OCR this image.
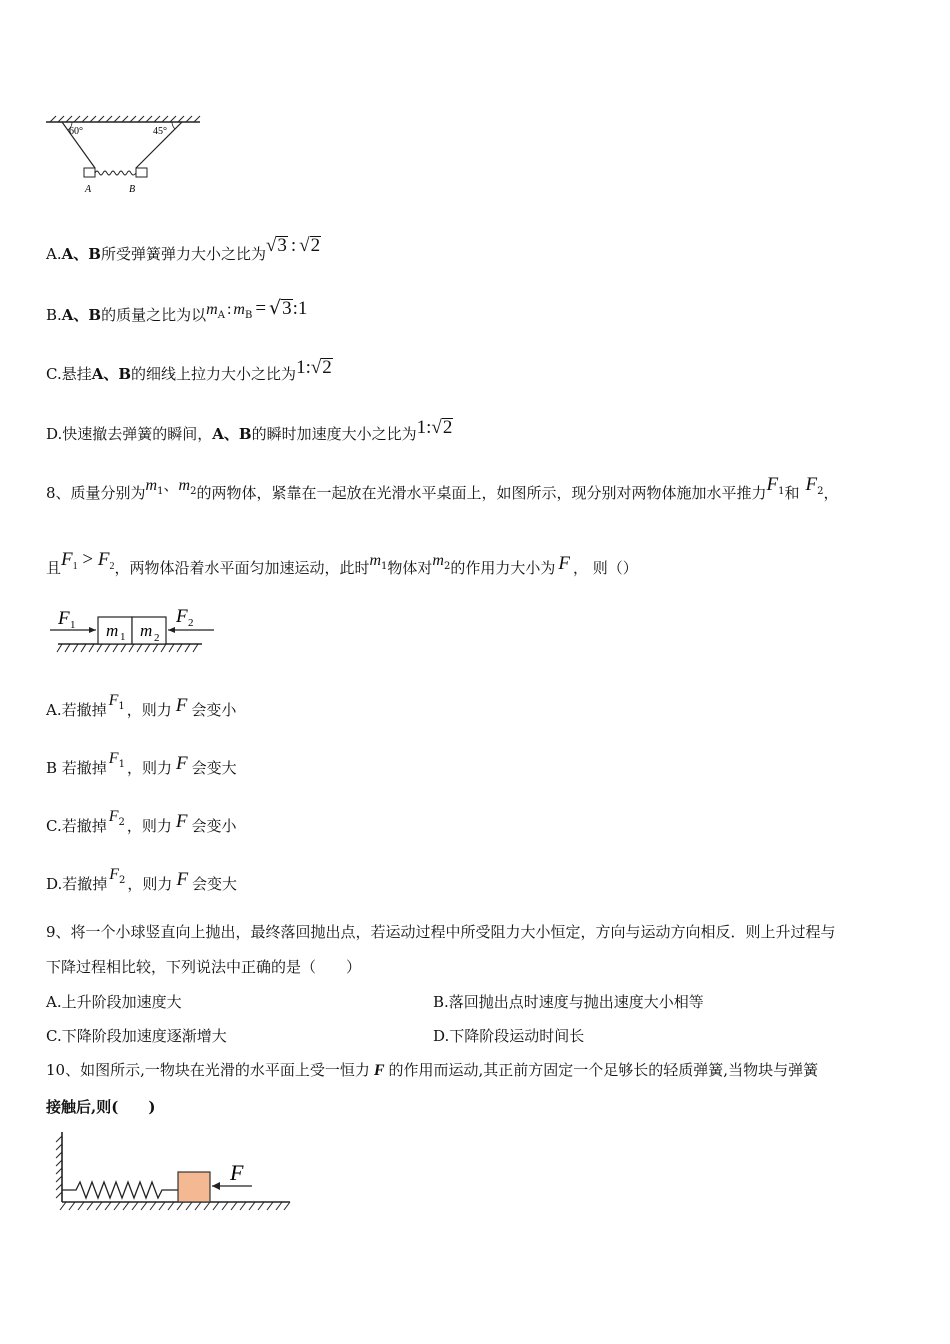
60°	45°
A	B
A.A、B所受弹簧弹力大小之比为√3 : √2
B.A、B的质量之比为以$m_A$ : $m_B$ = √3:1
C.悬挂A、B的细线上拉力大小之比为1:√2
D.快速撤去弹簧的瞬间，A、B的瞬时加速度大小之比为1:√2
8、质量分别为$m_1$、$m_2$的两物体，紧靠在一起放在光滑水平桌面上，如图所示，现分别对两物体施加水平推力$F_1$和 $F_2$，
且$F_1 > F_2$，两物体沿着水平面匀加速运动，此时$m_1$物体对$m_2$的作用力大小为 F ， 则（）
m 1 m 2
F 1	F 2
A.若撤掉$F_1$ ，则力 F 会变小
B 若撤掉$F_1$ ，则力 F 会变大
C.若撤掉$F_2$ ，则力 F 会变小
D.若撤掉$F_2$ ，则力 F 会变大
9、将一个小球竖直向上抛出，最终落回抛出点，若运动过程中所受阻力大小恒定，方向与运动方向相反．则上升过程与
下降过程相比较，下列说法中正确的是（　　）
A.上升阶段加速度大	B.落回抛出点时速度与抛出速度大小相等
C.下降阶段加速度逐渐增大	D.下降阶段运动时间长
10、如图所示,一物块在光滑的水平面上受一恒力 F 的作用而运动,其正前方固定一个足够长的轻质弹簧,当物块与弹簧
接触后,则(　　)
F
